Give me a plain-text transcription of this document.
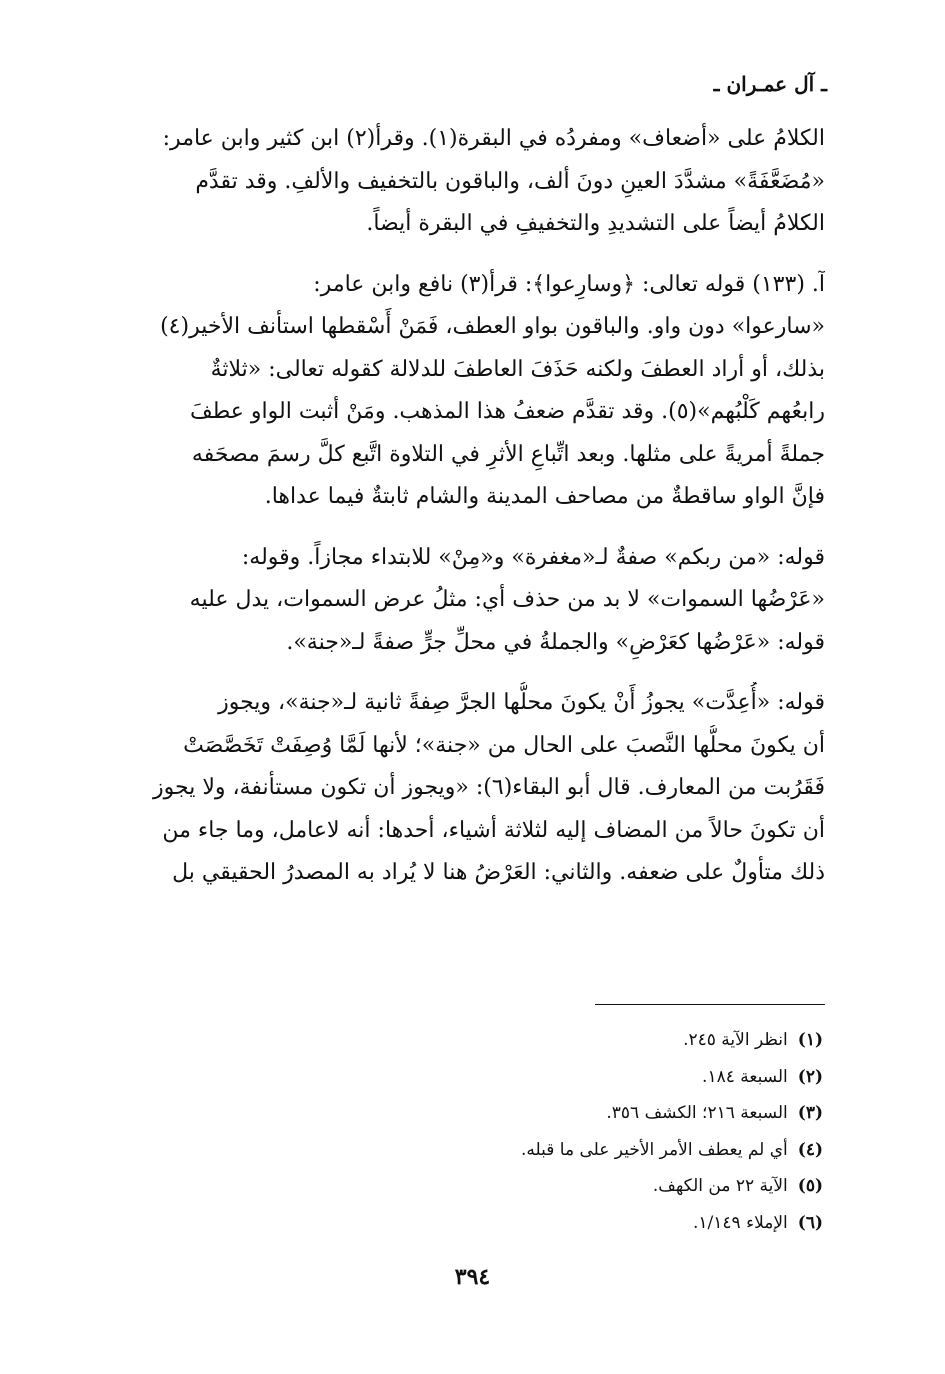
ـ آل عمـران ـ
الكلامُ على «أضعاف» ومفردُه في البقرة(١). وقرأ(٢) ابن كثير وابن عامر:
«مُضَعَّفَةً» مشدَّدَ العينِ دونَ ألف، والباقون بالتخفيف والألفِ. وقد تقدَّم
الكلامُ أيضاً على التشديدِ والتخفيفِ في البقرة أيضاً.
آ. (١٣٣) قوله تعالى: ﴿وسارِعوا﴾: قرأ(٣) نافع وابن عامر:
«سارعوا» دون واو. والباقون بواو العطف، فَمَنْ أَسْقطها استأنف الأخير(٤)
بذلك، أو أراد العطفَ ولكنه حَذَفَ العاطفَ للدلالة كقوله تعالى: «ثلاثةٌ
رابعُهم كَلْبُهم»(٥). وقد تقدَّم ضعفُ هذا المذهب. ومَنْ أثبت الواو عطفَ
جملةً أمريةً على مثلها. وبعد اتِّباعِ الأثرِ في التلاوة اتَّبع كلَّ رسمَ مصحَفه
فإنَّ الواو ساقطةٌ من مصاحف المدينة والشام ثابتةٌ فيما عداها.
قوله: «من ربكم» صفةٌ لـ«مغفرة» و«مِنْ» للابتداء مجازاً. وقوله:
«عَرْضُها السموات» لا بد من حذف أي: مثلُ عرض السموات، يدل عليه
قوله: «عَرْضُها كعَرْضِ» والجملةُ في محلِّ جرٍّ صفةً لـ«جنة».
قوله: «أُعِدَّت» يجوزُ أَنْ يكونَ محلُّها الجرَّ صِفةً ثانية لـ«جنة»، ويجوز
أن يكونَ محلُّها النَّصبَ على الحال من «جنة»؛ لأنها لَمَّا وُصِفَتْ تَخَصَّصَتْ
فَقَرُبت من المعارف. قال أبو البقاء(٦): «ويجوز أن تكون مستأنفة، ولا يجوز
أن تكونَ حالاً من المضاف إليه لثلاثة أشياء، أحدها: أنه لاعامل، وما جاء من
ذلك متأولٌ على ضعفه. والثاني: العَرْضُ هنا لا يُراد به المصدرُ الحقيقي بل
(١)انظر الآية ٢٤٥.
(٢)السبعة ١٨٤.
(٣)السبعة ٢١٦؛ الكشف ٣٥٦.
(٤)أي لم يعطف الأمر الأخير على ما قبله.
(٥)الآية ٢٢ من الكهف.
(٦)الإملاء ١/١٤٩.
٣٩٤
